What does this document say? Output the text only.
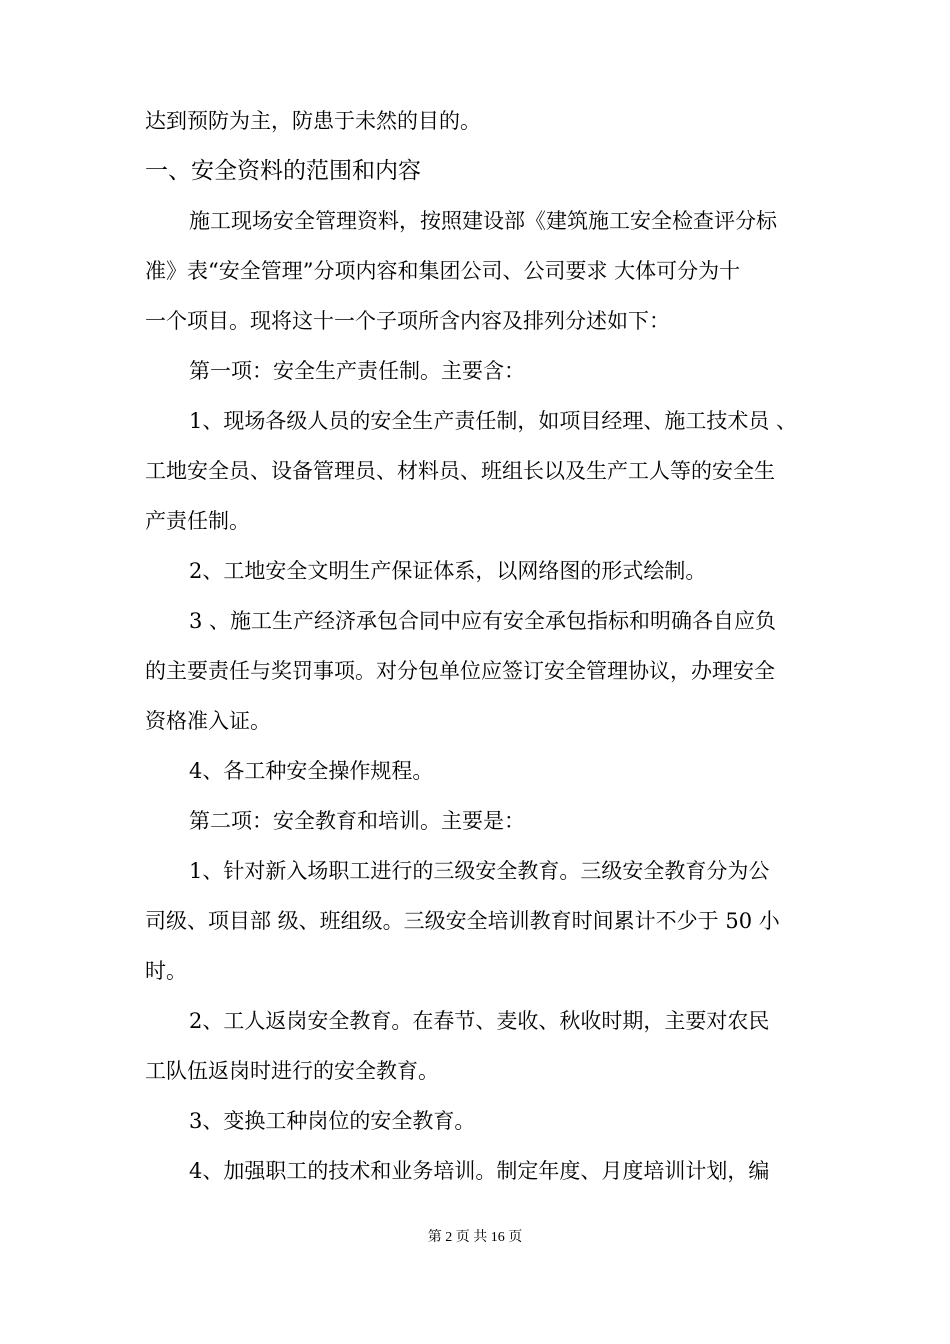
达到预防为主，防患于未然的目的。
一、安全资料的范围和内容
施工现场安全管理资料，按照建设部《建筑施工安全检查评分标
准》表“安全管理”分项内容和集团公司、公司要求 大体可分为十
一个项目。现将这十一个子项所含内容及排列分述如下：
第一项：安全生产责任制。主要含：
1、现场各级人员的安全生产责任制，如项目经理、施工技术员 、
工地安全员、设备管理员、材料员、班组长以及生产工人等的安全生
产责任制。
2、工地安全文明生产保证体系，以网络图的形式绘制。
3 、施工生产经济承包合同中应有安全承包指标和明确各自应负
的主要责任与奖罚事项。对分包单位应签订安全管理协议，办理安全
资格准入证。
4、各工种安全操作规程。
第二项：安全教育和培训。主要是：
1、针对新入场职工进行的三级安全教育。三级安全教育分为公
司级、项目部 级、班组级。三级安全培训教育时间累计不少于 50 小
时。
2、工人返岗安全教育。在春节、麦收、秋收时期，主要对农民
工队伍返岗时进行的安全教育。
3、变换工种岗位的安全教育。
4、加强职工的技术和业务培训。制定年度、月度培训计划，编
第 2 页 共 16 页
